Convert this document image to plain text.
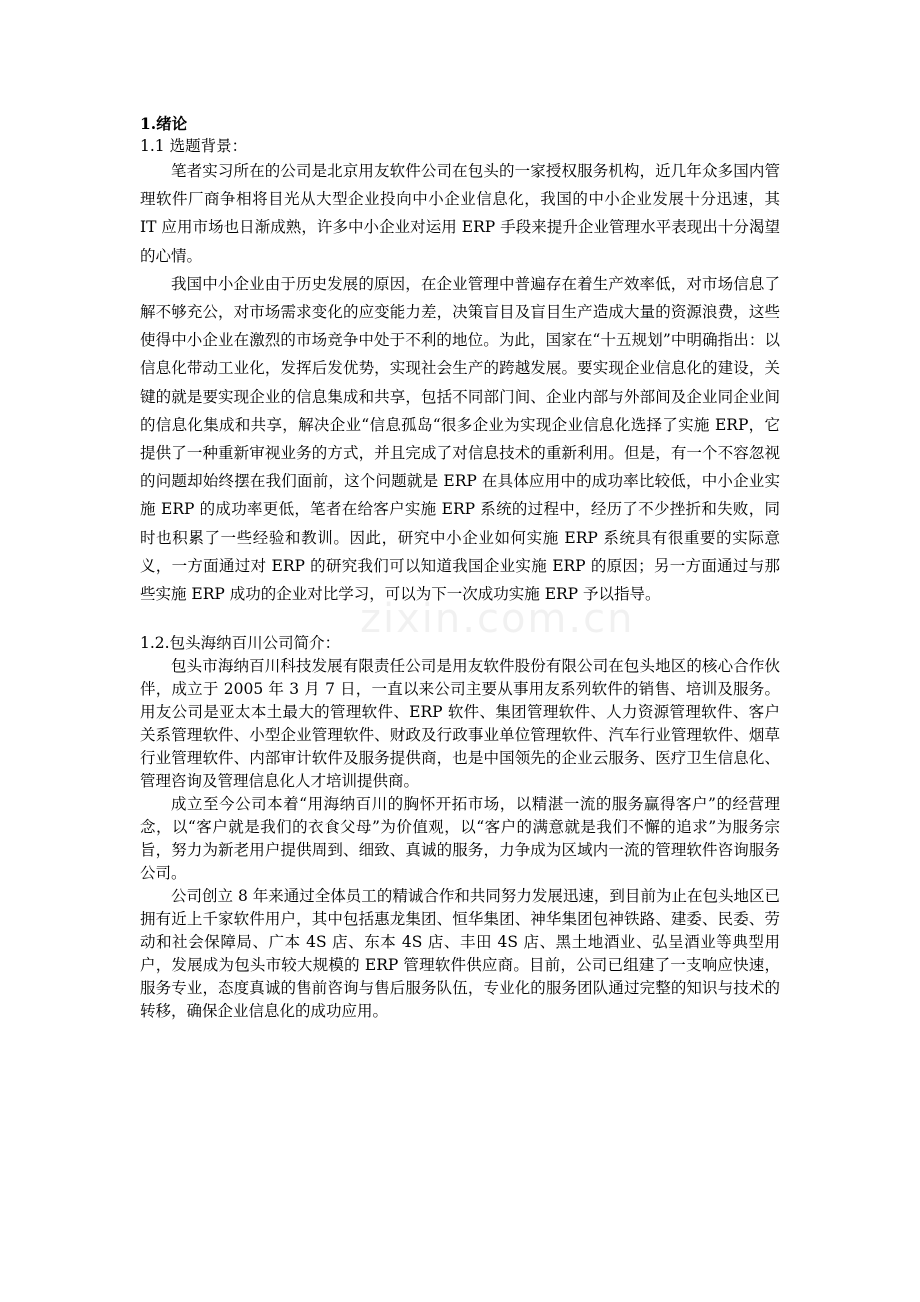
zixin.com.cn

1.绪论

1.1 选题背景：

笔者实习所在的公司是北京用友软件公司在包头的一家授权服务机构，近几年众多国内管理软件厂商争相将目光从大型企业投向中小企业信息化，我国的中小企业发展十分迅速，其 IT 应用市场也日渐成熟，许多中小企业对运用 ERP 手段来提升企业管理水平表现出十分渴望的心情。

我国中小企业由于历史发展的原因，在企业管理中普遍存在着生产效率低，对市场信息了解不够充公，对市场需求变化的应变能力差，决策盲目及盲目生产造成大量的资源浪费，这些使得中小企业在激烈的市场竞争中处于不利的地位。为此，国家在“十五规划”中明确指出：以信息化带动工业化，发挥后发优势，实现社会生产的跨越发展。要实现企业信息化的建设，关键的就是要实现企业的信息集成和共享，包括不同部门间、企业内部与外部间及企业同企业间的信息化集成和共享，解决企业“信息孤岛“很多企业为实现企业信息化选择了实施 ERP，它提供了一种重新审视业务的方式，并且完成了对信息技术的重新利用。但是，有一个不容忽视的问题却始终摆在我们面前，这个问题就是 ERP 在具体应用中的成功率比较低，中小企业实施 ERP 的成功率更低，笔者在给客户实施 ERP 系统的过程中，经历了不少挫折和失败，同时也积累了一些经验和教训。因此，研究中小企业如何实施 ERP 系统具有很重要的实际意义，一方面通过对 ERP 的研究我们可以知道我国企业实施 ERP 的原因；另一方面通过与那些实施 ERP 成功的企业对比学习，可以为下一次成功实施 ERP 予以指导。

1.2.包头海纳百川公司简介：

包头市海纳百川科技发展有限责任公司是用友软件股份有限公司在包头地区的核心合作伙伴，成立于 2005 年 3 月 7 日，一直以来公司主要从事用友系列软件的销售、培训及服务。用友公司是亚太本土最大的管理软件、ERP 软件、集团管理软件、人力资源管理软件、客户关系管理软件、小型企业管理软件、财政及行政事业单位管理软件、汽车行业管理软件、烟草行业管理软件、内部审计软件及服务提供商，也是中国领先的企业云服务、医疗卫生信息化、管理咨询及管理信息化人才培训提供商。

成立至今公司本着“用海纳百川的胸怀开拓市场，以精湛一流的服务赢得客户”的经营理念，以“客户就是我们的衣食父母”为价值观，以“客户的满意就是我们不懈的追求”为服务宗旨，努力为新老用户提供周到、细致、真诚的服务，力争成为区域内一流的管理软件咨询服务公司。

公司创立 8 年来通过全体员工的精诚合作和共同努力发展迅速，到目前为止在包头地区已拥有近上千家软件用户，其中包括惠龙集团、恒华集团、神华集团包神铁路、建委、民委、劳动和社会保障局、广本 4S 店、东本 4S 店、丰田 4S 店、黑土地酒业、弘呈酒业等典型用户，发展成为包头市较大规模的 ERP 管理软件供应商。目前，公司已组建了一支响应快速，服务专业，态度真诚的售前咨询与售后服务队伍，专业化的服务团队通过完整的知识与技术的转移，确保企业信息化的成功应用。
